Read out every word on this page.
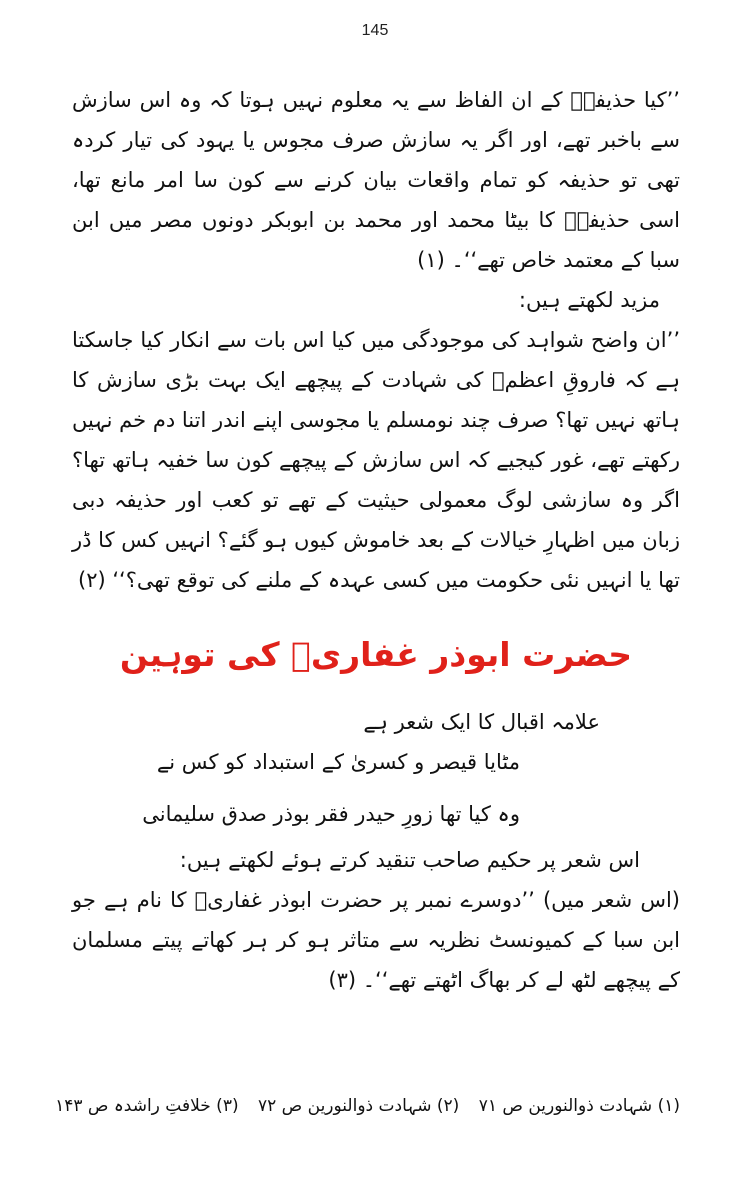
145

’’کیا حذیفہؓ کے ان الفاظ سے یہ معلوم نہیں ہوتا کہ وہ اس سازش سے باخبر تھے، اور اگر یہ سازش صرف مجوس یا یہود کی تیار کردہ تھی تو حذیفہ کو تمام واقعات بیان کرنے سے کون سا امر مانع تھا، اسی حذیفہؓ کا بیٹا محمد اور محمد بن ابوبکر دونوں مصر میں ابن سبا کے معتمد خاص تھے‘‘۔ (۱)

مزید لکھتے ہیں:

’’ان واضح شواہد کی موجودگی میں کیا اس بات سے انکار کیا جاسکتا ہے کہ فاروقِ اعظمؓ کی شہادت کے پیچھے ایک بہت بڑی سازش کا ہاتھ نہیں تھا؟ صرف چند نومسلم یا مجوسی اپنے اندر اتنا دم خم نہیں رکھتے تھے، غور کیجیے کہ اس سازش کے پیچھے کون سا خفیہ ہاتھ تھا؟ اگر وہ سازشی لوگ معمولی حیثیت کے تھے تو کعب اور حذیفہ دبی زبان میں اظہارِ خیالات کے بعد خاموش کیوں ہو گئے؟ انہیں کس کا ڈر تھا یا انہیں نئی حکومت میں کسی عہدہ کے ملنے کی توقع تھی؟‘‘ (۲)

حضرت ابوذر غفاریؓ کی توہین

علامہ اقبال کا ایک شعر ہے

مٹایا قیصر و کسریٰ کے استبداد کو کس نے

وہ کیا تھا زورِ حیدر فقر بوذر صدق سلیمانی

اس شعر پر حکیم صاحب تنقید کرتے ہوئے لکھتے ہیں:

(اس شعر میں) ’’دوسرے نمبر پر حضرت ابوذر غفاریؓ کا نام ہے جو ابن سبا کے کمیونسٹ نظریہ سے متاثر ہو کر ہر کھاتے پیتے مسلمان کے پیچھے لٹھ لے کر بھاگ اٹھتے تھے‘‘۔ (۳)

(۱) شہادت ذوالنورین ص ۷۱ (۲) شہادت ذوالنورین ص ۷۲ (۳) خلافتِ راشدہ ص ۱۴۳
